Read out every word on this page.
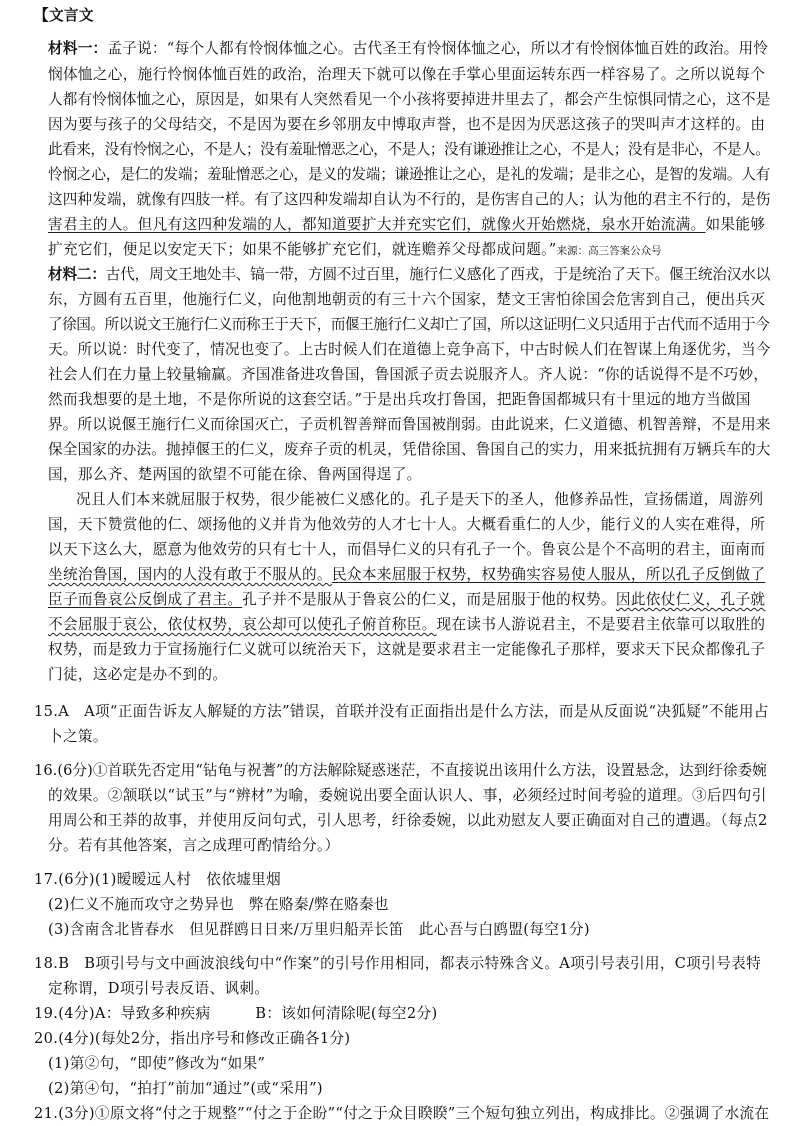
【文言文
材料一：孟子说：“每个人都有怜悯体恤之心。古代圣王有怜悯体恤之心，所以才有怜悯体恤百姓的政治。用怜
悯体恤之心，施行怜悯体恤百姓的政治，治理天下就可以像在手掌心里面运转东西一样容易了。之所以说每个
人都有怜悯体恤之心，原因是，如果有人突然看见一个小孩将要掉进井里去了，都会产生惊惧同情之心，这不是
因为要与孩子的父母结交，不是因为要在乡邻朋友中博取声誉，也不是因为厌恶这孩子的哭叫声才这样的。由
此看来，没有怜悯之心，不是人；没有羞耻憎恶之心，不是人；没有谦逊推让之心，不是人；没有是非心，不是人。
怜悯之心，是仁的发端；羞耻憎恶之心，是义的发端；谦逊推让之心，是礼的发端；是非之心，是智的发端。人有
这四种发端，就像有四肢一样。有了这四种发端却自认为不行的，是伤害自己的人；认为他的君主不行的，是伤
害君主的人。但凡有这四种发端的人，都知道要扩大并充实它们，就像火开始燃烧，泉水开始流满。如果能够
扩充它们，便足以安定天下；如果不能够扩充它们，就连赡养父母都成问题。”来源：高三答案公众号
材料二：古代，周文王地处丰、镐一带，方圆不过百里，施行仁义感化了西戎，于是统治了天下。偃王统治汉水以
东，方圆有五百里，他施行仁义，向他割地朝贡的有三十六个国家，楚文王害怕徐国会危害到自己，便出兵灭
了徐国。所以说文王施行仁义而称王于天下，而偃王施行仁义却亡了国，所以这证明仁义只适用于古代而不适用于今
天。所以说：时代变了，情况也变了。上古时候人们在道德上竞争高下，中古时候人们在智谋上角逐优劣，当今
社会人们在力量上较量输赢。齐国准备进攻鲁国，鲁国派子贡去说服齐人。齐人说：“你的话说得不是不巧妙，
然而我想要的是土地，不是你所说的这套空话。”于是出兵攻打鲁国，把距鲁国都城只有十里远的地方当做国
界。所以说偃王施行仁义而徐国灭亡，子贡机智善辩而鲁国被削弱。由此说来，仁义道德、机智善辩，不是用来
保全国家的办法。抛掉偃王的仁义，废弃子贡的机灵，凭借徐国、鲁国自己的实力，用来抵抗拥有万辆兵车的大
国，那么齐、楚两国的欲望不可能在徐、鲁两国得逞了。
况且人们本来就屈服于权势，很少能被仁义感化的。孔子是天下的圣人，他修养品性，宣扬儒道，周游列
国，天下赞赏他的仁、颂扬他的义并肯为他效劳的人才七十人。大概看重仁的人少，能行义的人实在难得，所
以天下这么大，愿意为他效劳的只有七十人，而倡导仁义的只有孔子一个。鲁哀公是个不高明的君主，面南而
坐统治鲁国，国内的人没有敢于不服从的。民众本来屈服于权势，权势确实容易使人服从，所以孔子反倒做了
臣子而鲁哀公反倒成了君主。孔子并不是服从于鲁哀公的仁义，而是屈服于他的权势。因此依仗仁义，孔子就
不会屈服于哀公，依仗权势，哀公却可以使孔子俯首称臣。现在读书人游说君主，不是要君主依靠可以取胜的
权势，而是致力于宣扬施行仁义就可以统治天下，这就是要求君主一定能像孔子那样，要求天下民众都像孔子
门徒，这必定是办不到的。
15.A　A项“正面告诉友人解疑的方法”错误，首联并没有正面指出是什么方法，而是从反面说“决狐疑”不能用占
卜之策。
16.(6分)①首联先否定用“钻龟与祝蓍”的方法解除疑惑迷茫，不直接说出该用什么方法，设置悬念，达到纡徐委婉
的效果。②颔联以“试玉”与“辨材”为喻，委婉说出要全面认识人、事，必须经过时间考验的道理。③后四句引
用周公和王莽的故事，并使用反问句式，引人思考，纡徐委婉，以此劝慰友人要正确面对自己的遭遇。（每点2
分。若有其他答案，言之成理可酌情给分。）
17.(6分)(1)暧暧远人村　依依墟里烟
(2)仁义不施而攻守之势异也　弊在赂秦/弊在赂秦也
(3)含南含北皆春水　但见群鸥日日来/万里归船弄长笛　此心吾与白鸥盟(每空1分)
18.B　B项引号与文中画波浪线句中“作案”的引号作用相同，都表示特殊含义。A项引号表引用，C项引号表特
定称谓，D项引号表反语、讽刺。
19.(4分)A：导致多种疾病　　　B：该如何清除呢(每空2分)
20.(4分)(每处2分，指出序号和修改正确各1分)
(1)第②句，“即使”修改为“如果”
(2)第④句，“拍打”前加“通过”(或“采用”)
21.(3分)①原文将“付之于规整”“付之于企盼”“付之于众目睽睽”三个短句独立列出，构成排比。②强调了水流在
